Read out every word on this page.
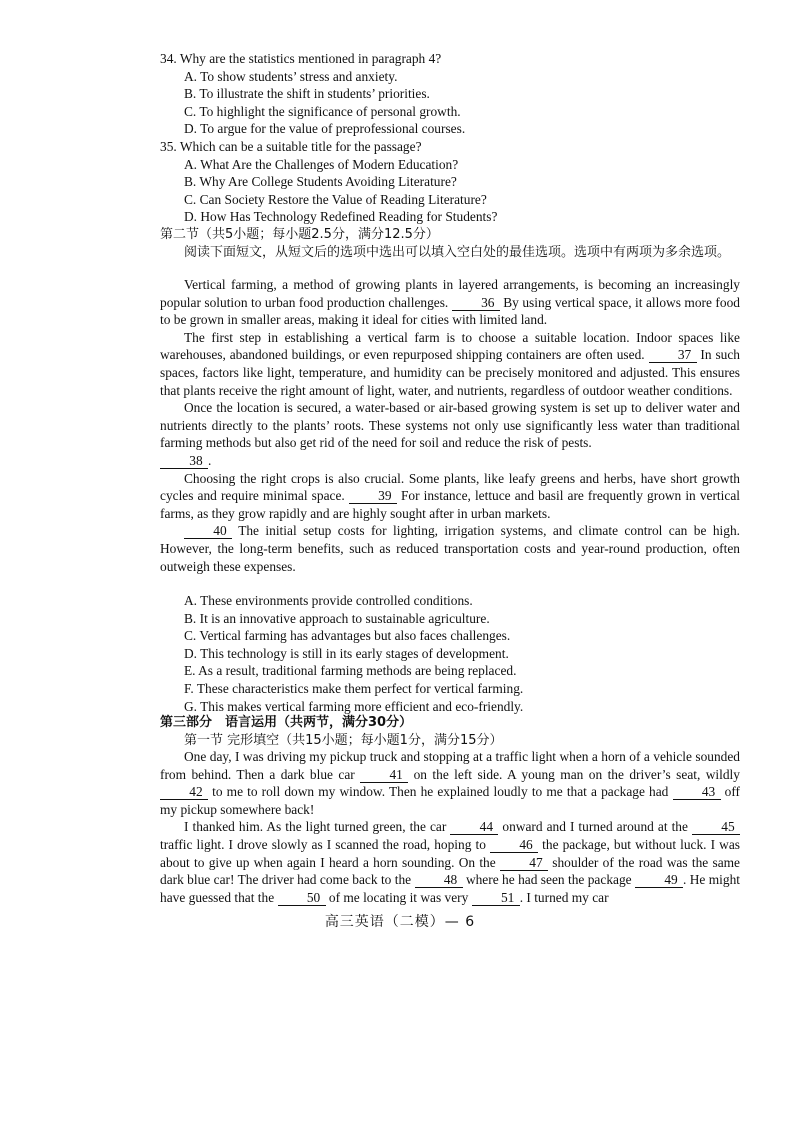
34. Why are the statistics mentioned in paragraph 4?

A. To show students’ stress and anxiety.

B. To illustrate the shift in students’ priorities.

C. To highlight the significance of personal growth.

D. To argue for the value of preprofessional courses.

35. Which can be a suitable title for the passage?

A. What Are the Challenges of Modern Education?

B. Why Are College Students Avoiding Literature?

C. Can Society Restore the Value of Reading Literature?

D. How Has Technology Redefined Reading for Students?

第二节（共5小题；每小题2.5分，满分12.5分）

阅读下面短文，从短文后的选项中选出可以填入空白处的最佳选项。选项中有两项为多余选项。

Vertical farming, a method of growing plants in layered arrangements, is becoming an increasingly popular solution to urban food production challenges. 36 By using vertical space, it allows more food to be grown in smaller areas, making it ideal for cities with limited land.

The first step in establishing a vertical farm is to choose a suitable location. Indoor spaces like warehouses, abandoned buildings, or even repurposed shipping containers are often used. 37 In such spaces, factors like light, temperature, and humidity can be precisely monitored and adjusted. This ensures that plants receive the right amount of light, water, and nutrients, regardless of outdoor weather conditions.

Once the location is secured, a water-based or air-based growing system is set up to deliver water and nutrients directly to the plants’ roots. These systems not only use significantly less water than traditional farming methods but also get rid of the need for soil and reduce the risk of pests.
38 .

Choosing the right crops is also crucial. Some plants, like leafy greens and herbs, have short growth cycles and require minimal space. 39 For instance, lettuce and basil are frequently grown in vertical farms, as they grow rapidly and are highly sought after in urban markets.

40 The initial setup costs for lighting, irrigation systems, and climate control can be high. However, the long-term benefits, such as reduced transportation costs and year-round production, often outweigh these expenses.

A. These environments provide controlled conditions.

B. It is an innovative approach to sustainable agriculture.

C. Vertical farming has advantages but also faces challenges.

D. This technology is still in its early stages of development.

E. As a result, traditional farming methods are being replaced.

F. These characteristics make them perfect for vertical farming.

G. This makes vertical farming more efficient and eco-friendly.

第三部分　语言运用（共两节，满分30分）

第一节 完形填空（共15小题；每小题1分，满分15分）

One day, I was driving my pickup truck and stopping at a traffic light when a horn of a vehicle sounded from behind. Then a dark blue car	41 on the left side. A young man on the driver’s seat, wildly 42 to me to roll down my window. Then he explained loudly to me that a package had 43 off my pickup somewhere back!

I thanked him. As the light turned green, the car 44 onward and I turned around at the 45 traffic light. I drove slowly as I scanned the road, hoping to 46 the package, but without luck. I was about to give up when again I heard a horn sounding. On the	47 shoulder of the road was the same dark blue car! The driver had come back to the 48 where he had seen the package 49 . He might have guessed that the 50 of me locating it was very 51 . I turned my car

高三英语（二模）— 6
